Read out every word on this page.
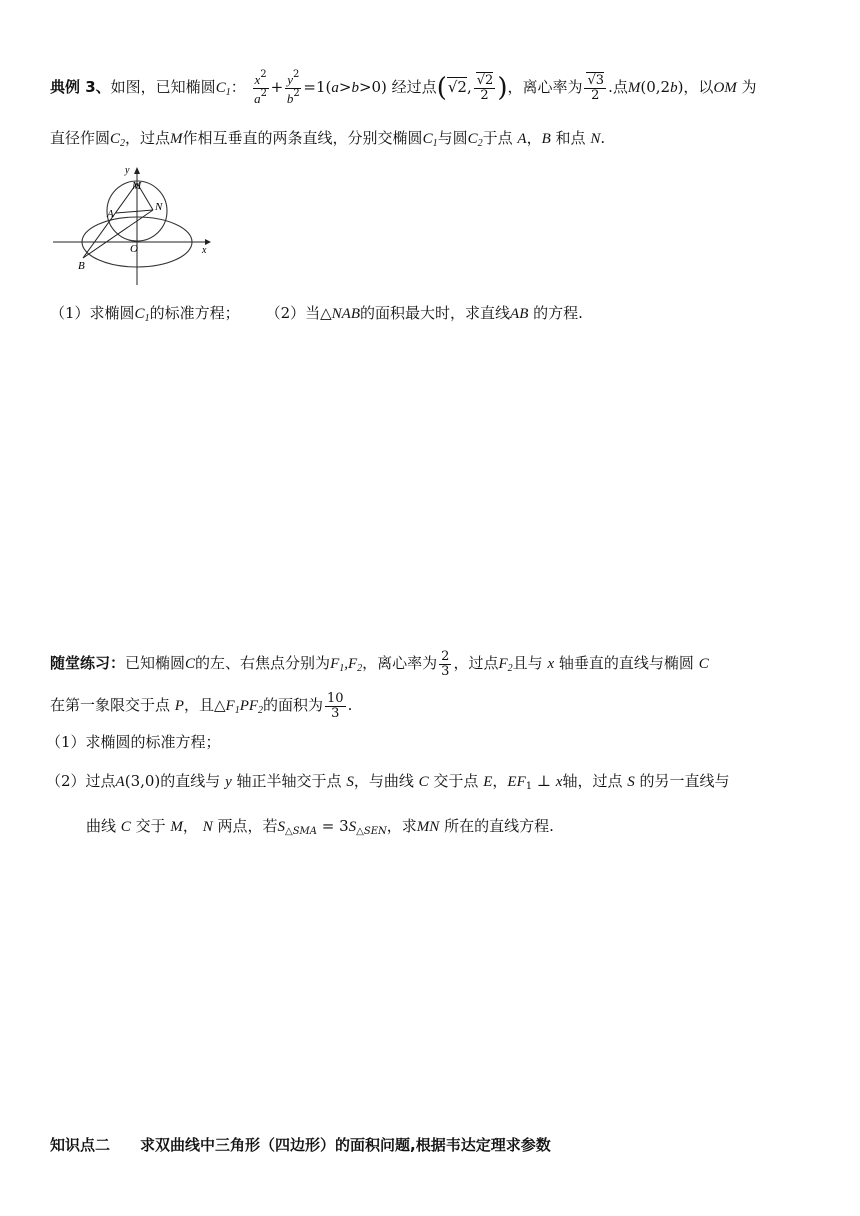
典例 3、如图，已知椭圆$C_1$： $\frac{x^2}{a^2} + \frac{y^2}{b^2} =1(a>b>0)$ 经过点( √ 2, √ $\frac{2}{2}$ )，离心率为 √ $\frac{3}{2}$ .点M(0,2b)，以OM 为
直径作圆$C_2$，过点M作相互垂直的两条直线，分别交椭圆$C_1$与圆$C_2$于点 A，B 和点 N.
y
x
M
N
A
O
B
（1）求椭圆$C_1$的标准方程； （2）当△NAB的面积最大时，求直线AB 的方程.
随堂练习：已知椭圆C的左、右焦点分别为$F_1,F_2$，离心率为 $\frac{2}{3}$ ，过点$F_2$且与 x 轴垂直的直线与椭圆 C
在第一象限交于点 P，且$\triangle F_1PF_2$的面积为 $\frac{10}{3}$ .
（1）求椭圆的标准方程；
（2）过点A(3,0)的直线与 y 轴正半轴交于点 S，与曲线 C 交于点 E，$EF_1$ ⊥ x轴，过点 S 的另一直线与
曲线 C 交于 M， N 两点，若$S_{\triangle SMA} = 3S_{\triangle SEN}$，求MN 所在的直线方程.
知识点二　　求双曲线中三角形（四边形）的面积问题,根据韦达定理求参数
